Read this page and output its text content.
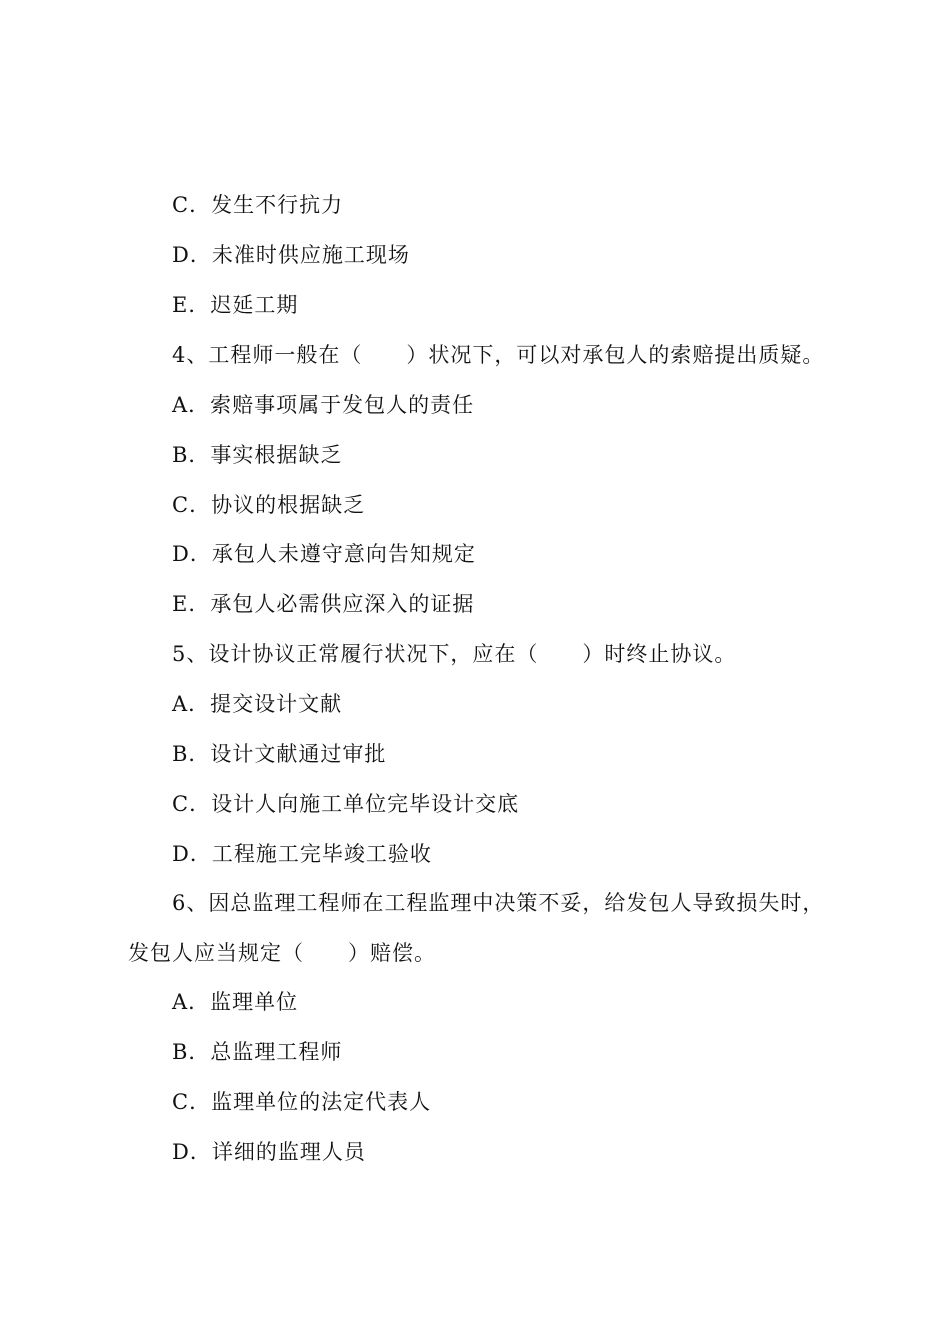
C．发生不行抗力
D．未准时供应施工现场
E．迟延工期
4、工程师一般在（　　）状况下，可以对承包人的索赔提出质疑。
A．索赔事项属于发包人的责任
B．事实根据缺乏
C．协议的根据缺乏
D．承包人未遵守意向告知规定
E．承包人必需供应深入的证据
5、设计协议正常履行状况下，应在（　　）时终止协议。
A．提交设计文献
B．设计文献通过审批
C．设计人向施工单位完毕设计交底
D．工程施工完毕竣工验收
6、因总监理工程师在工程监理中决策不妥，给发包人导致损失时，
发包人应当规定（　　）赔偿。
A．监理单位
B．总监理工程师
C．监理单位的法定代表人
D．详细的监理人员
